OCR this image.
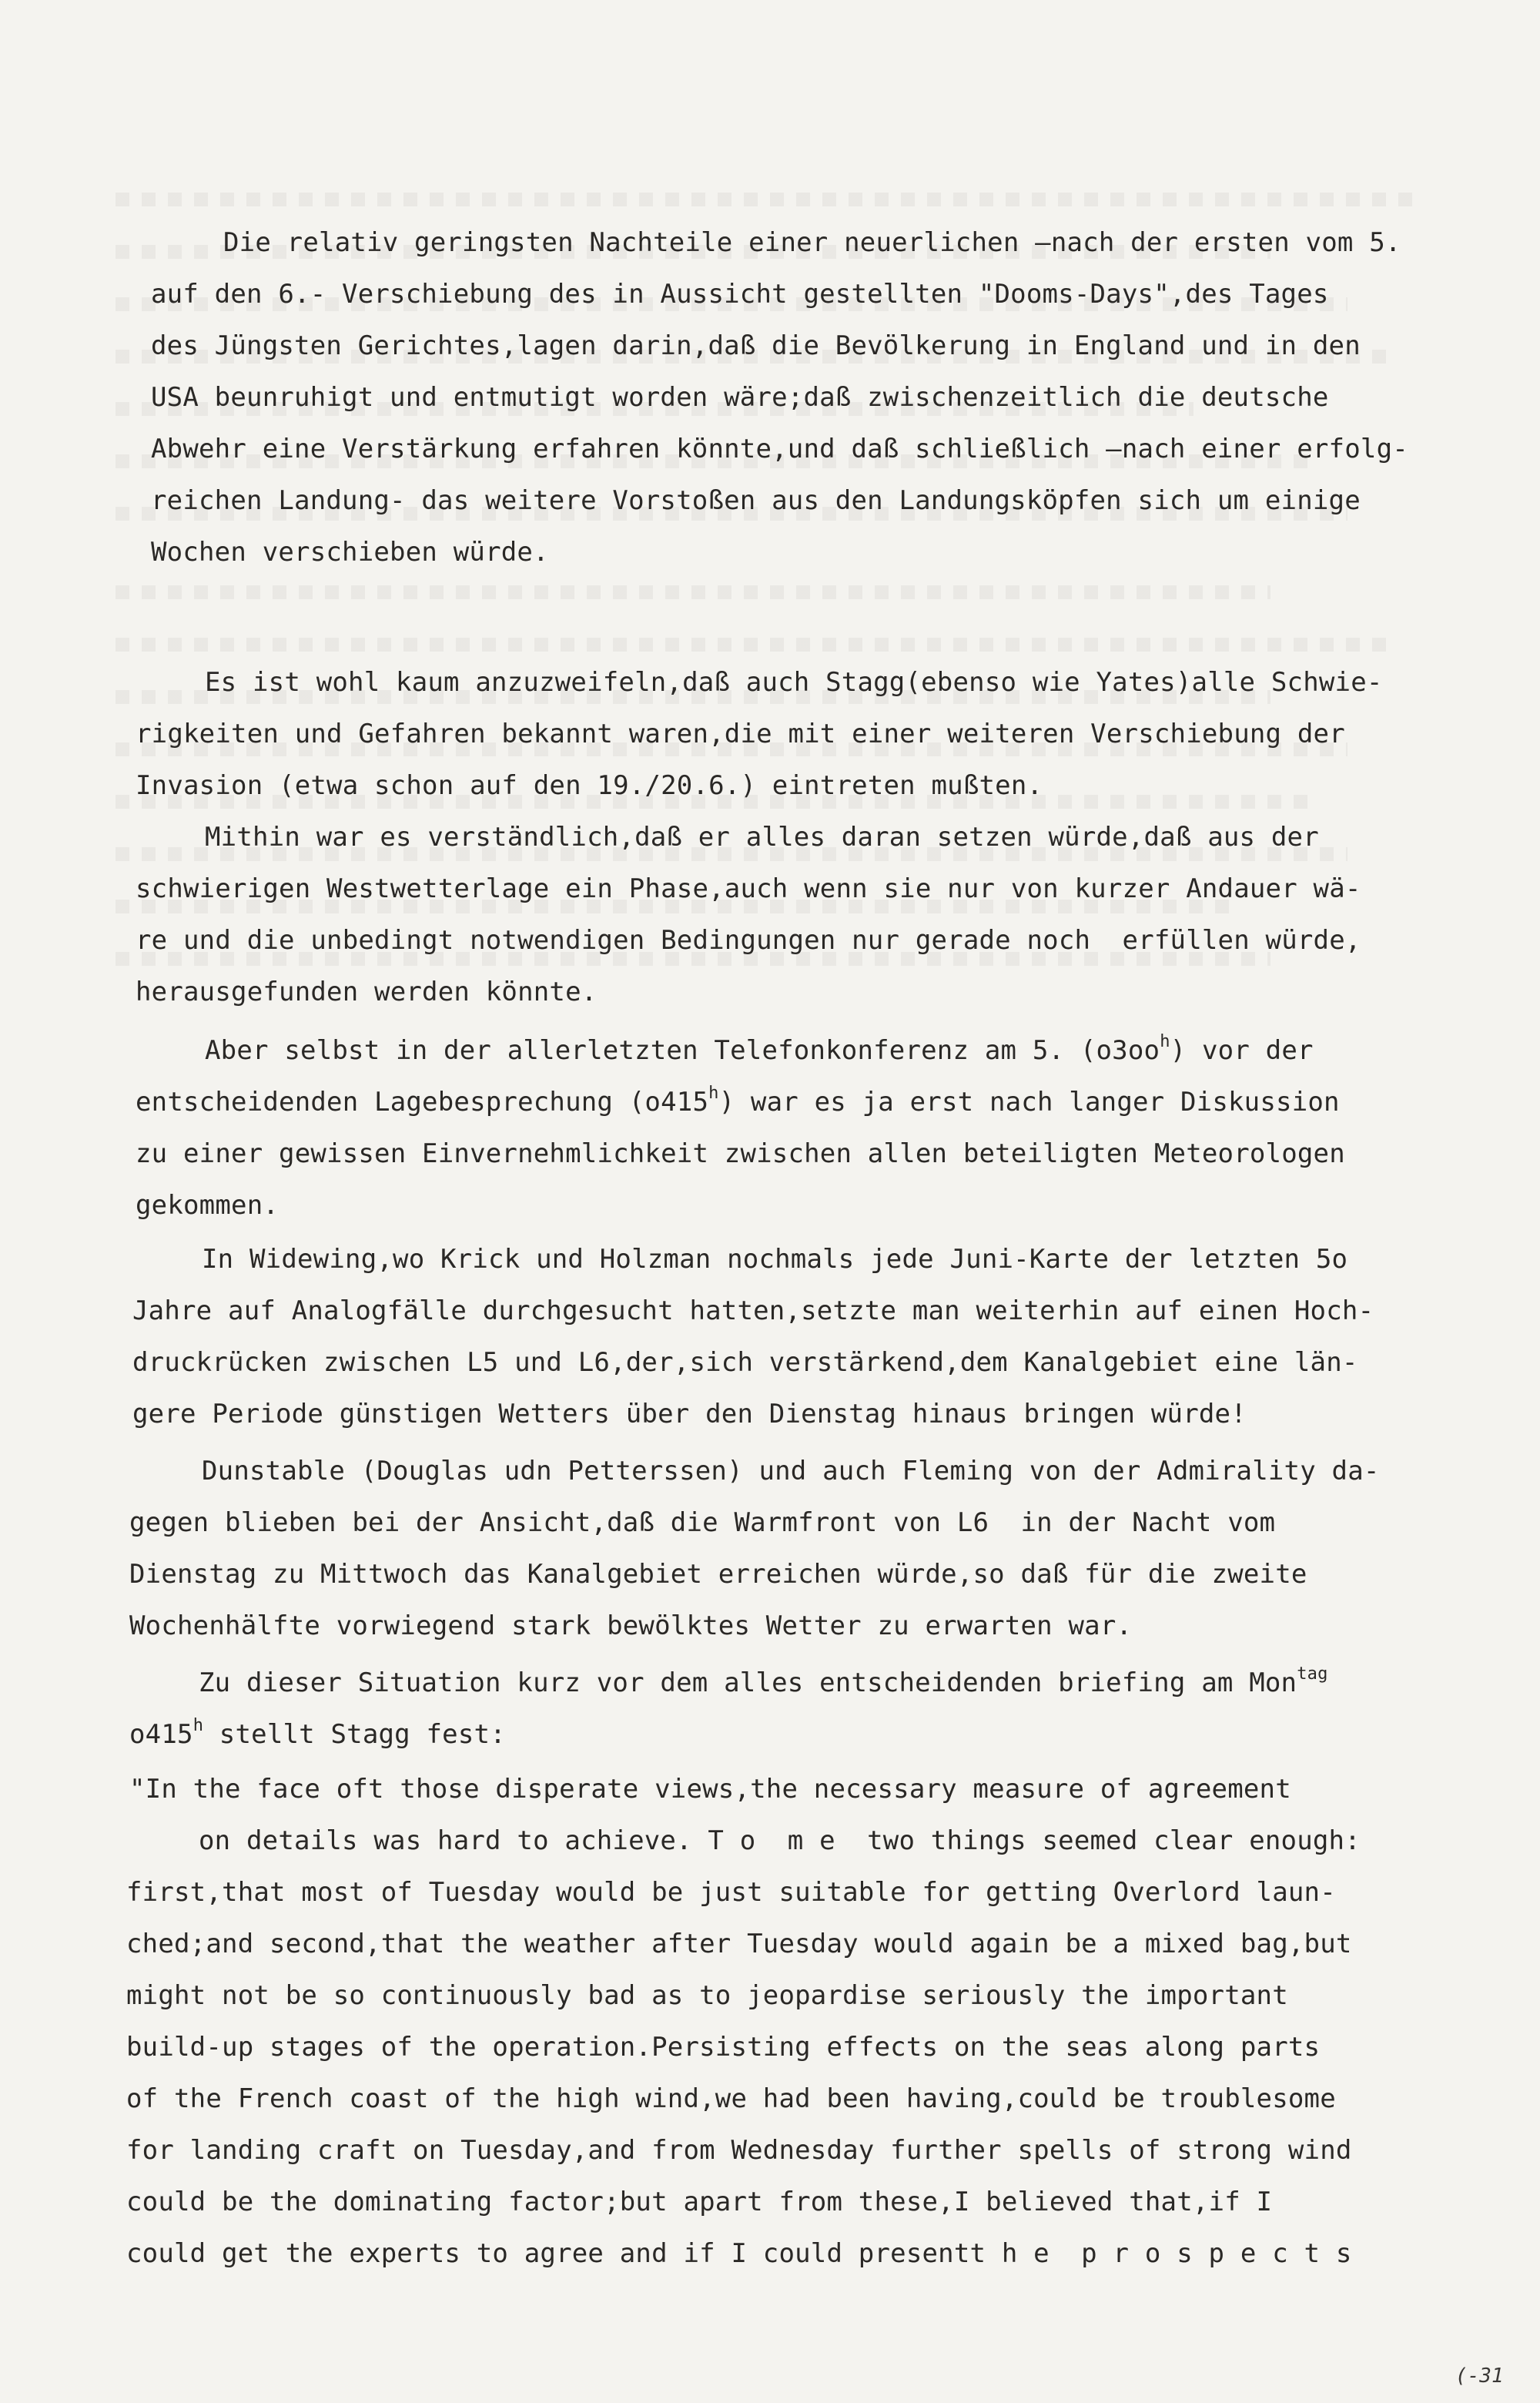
Die relativ geringsten Nachteile einer neuerlichen —nach der ersten vom 5.
auf den 6.- Verschiebung des in Aussicht gestellten "Dooms-Days",des Tages
des Jüngsten Gerichtes,lagen darin,daß die Bevölkerung in England und in den
USA beunruhigt und entmutigt worden wäre;daß zwischenzeitlich die deutsche
Abwehr eine Verstärkung erfahren könnte,und daß schließlich —nach einer erfolg-
reichen Landung- das weitere Vorstoßen aus den Landungsköpfen sich um einige
Wochen verschieben würde.
Es ist wohl kaum anzuzweifeln,daß auch Stagg(ebenso wie Yates)alle Schwie-
rigkeiten und Gefahren bekannt waren,die mit einer weiteren Verschiebung der
Invasion (etwa schon auf den 19./20.6.) eintreten mußten.
Mithin war es verständlich,daß er alles daran setzen würde,daß aus der
schwierigen Westwetterlage ein Phase,auch wenn sie nur von kurzer Andauer wä-
re und die unbedingt notwendigen Bedingungen nur gerade noch  erfüllen würde,
herausgefunden werden könnte.
Aber selbst in der allerletzten Telefonkonferenz am 5. $(o3oo^h)$ vor der
entscheidenden Lagebesprechung (o415$^h$) war es ja erst nach langer Diskussion
zu einer gewissen Einvernehmlichkeit zwischen allen beteiligten Meteorologen
gekommen.
In Widewing,wo Krick und Holzman nochmals jede Juni-Karte der letzten 5o
Jahre auf Analogfälle durchgesucht hatten,setzte man weiterhin auf einen Hoch-
druckrücken zwischen L5 und L6,der,sich verstärkend,dem Kanalgebiet eine län-
gere Periode günstigen Wetters über den Dienstag hinaus bringen würde!
Dunstable (Douglas udn Petterssen) und auch Fleming von der Admirality da-
gegen blieben bei der Ansicht,daß die Warmfront von L6  in der Nacht vom
Dienstag zu Mittwoch das Kanalgebiet erreichen würde,so daß für die zweite
Wochenhälfte vorwiegend stark bewölktes Wetter zu erwarten war.
Zu dieser Situation kurz vor dem alles entscheidenden briefing am Mon$^{tag}$
o415$^h$ stellt Stagg fest:
"In the face oft those disperate views,the necessary measure of agreement
on details was hard to achieve. T o  m e  two things seemed clear enough:
first,that most of Tuesday would be just suitable for getting Overlord laun-
ched;and second,that the weather after Tuesday would again be a mixed bag,but
might not be so continuously bad as to jeopardise seriously the important
build-up stages of the operation.Persisting effects on the seas along parts
of the French coast of the high wind,we had been having,could be troublesome
for landing craft on Tuesday,and from Wednesday further spells of strong wind
could be the dominating factor;but apart from these,I believed that,if I
could get the experts to agree and if I could presentt h e  p r o s p e c t s
(-31
